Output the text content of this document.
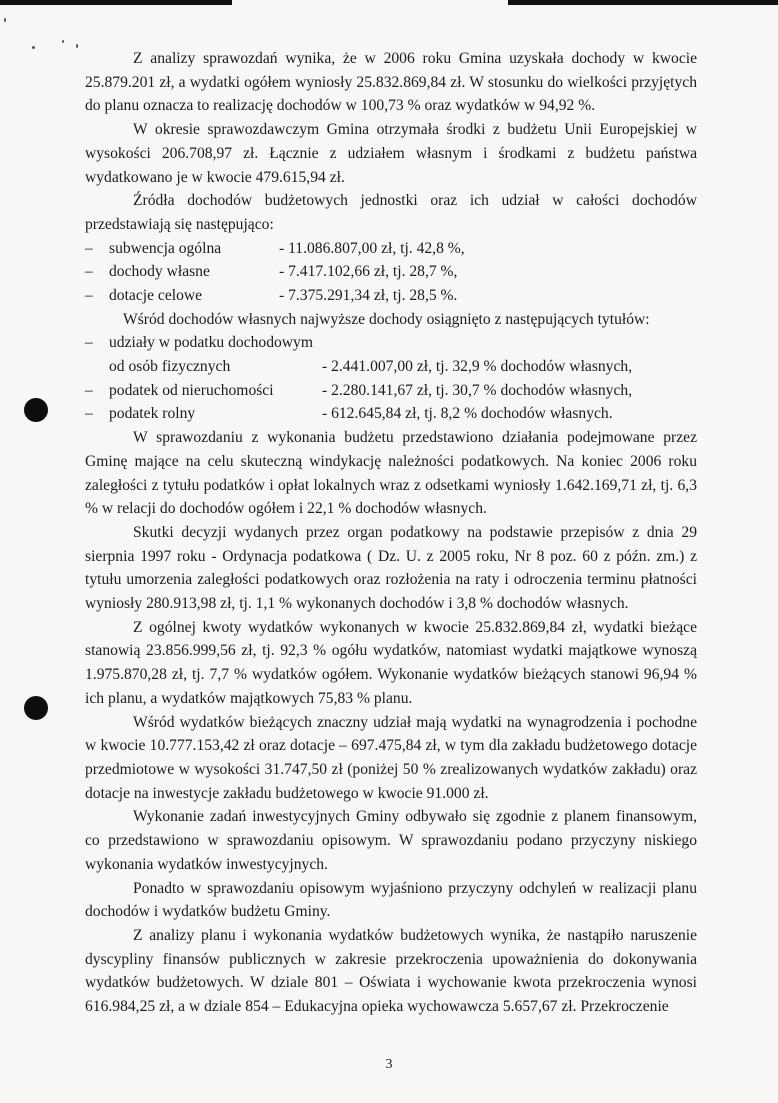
Z analizy sprawozdań wynika, że w 2006 roku Gmina uzyskała dochody w kwocie 25.879.201 zł, a wydatki ogółem wyniosły 25.832.869,84 zł. W stosunku do wielkości przyjętych do planu oznacza to realizację dochodów w 100,73 % oraz wydatków w 94,92 %.

W okresie sprawozdawczym Gmina otrzymała środki z budżetu Unii Europejskiej w wysokości 206.708,97 zł. Łącznie z udziałem własnym i środkami z budżetu państwa wydatkowano je w kwocie 479.615,94 zł.

Źródła dochodów budżetowych jednostki oraz ich udział w całości dochodów przedstawiają się następująco:

– subwencja ogólna	- 11.086.807,00 zł, tj. 42,8 %,
– dochody własne	- 7.417.102,66 zł, tj. 28,7 %,
– dotacje celowe	- 7.375.291,34 zł, tj. 28,5 %.

Wśród dochodów własnych najwyższe dochody osiągnięto z następujących tytułów:

– udziały w podatku dochodowym
od osób fizycznych	- 2.441.007,00 zł, tj. 32,9 % dochodów własnych,
– podatek od nieruchomości	- 2.280.141,67 zł, tj. 30,7 % dochodów własnych,
– podatek rolny	- 612.645,84 zł, tj. 8,2 % dochodów własnych.

W sprawozdaniu z wykonania budżetu przedstawiono działania podejmowane przez Gminę mające na celu skuteczną windykację należności podatkowych. Na koniec 2006 roku zaległości z tytułu podatków i opłat lokalnych wraz z odsetkami wyniosły 1.642.169,71 zł, tj. 6,3 % w relacji do dochodów ogółem i 22,1 % dochodów własnych.

Skutki decyzji wydanych przez organ podatkowy na podstawie przepisów z dnia 29 sierpnia 1997 roku - Ordynacja podatkowa ( Dz. U. z 2005 roku, Nr 8 poz. 60 z późn. zm.) z tytułu umorzenia zaległości podatkowych oraz rozłożenia na raty i odroczenia terminu płatności wyniosły 280.913,98 zł, tj. 1,1 % wykonanych dochodów i 3,8 % dochodów własnych.

Z ogólnej kwoty wydatków wykonanych w kwocie 25.832.869,84 zł, wydatki bieżące stanowią 23.856.999,56 zł, tj. 92,3 % ogółu wydatków, natomiast wydatki majątkowe wynoszą 1.975.870,28 zł, tj. 7,7 % wydatków ogółem. Wykonanie wydatków bieżących stanowi 96,94 % ich planu, a wydatków majątkowych 75,83 % planu.

Wśród wydatków bieżących znaczny udział mają wydatki na wynagrodzenia i pochodne w kwocie 10.777.153,42 zł oraz dotacje – 697.475,84 zł, w tym dla zakładu budżetowego dotacje przedmiotowe w wysokości 31.747,50 zł (poniżej 50 % zrealizowanych wydatków zakładu) oraz dotacje na inwestycje zakładu budżetowego w kwocie 91.000 zł.

Wykonanie zadań inwestycyjnych Gminy odbywało się zgodnie z planem finansowym, co przedstawiono w sprawozdaniu opisowym. W sprawozdaniu podano przyczyny niskiego wykonania wydatków inwestycyjnych.

Ponadto w sprawozdaniu opisowym wyjaśniono przyczyny odchyleń w realizacji planu dochodów i wydatków budżetu Gminy.

Z analizy planu i wykonania wydatków budżetowych wynika, że nastąpiło naruszenie dyscypliny finansów publicznych w zakresie przekroczenia upoważnienia do dokonywania wydatków budżetowych. W dziale 801 – Oświata i wychowanie kwota przekroczenia wynosi 616.984,25 zł, a w dziale 854 – Edukacyjna opieka wychowawcza 5.657,67 zł. Przekroczenie

3
